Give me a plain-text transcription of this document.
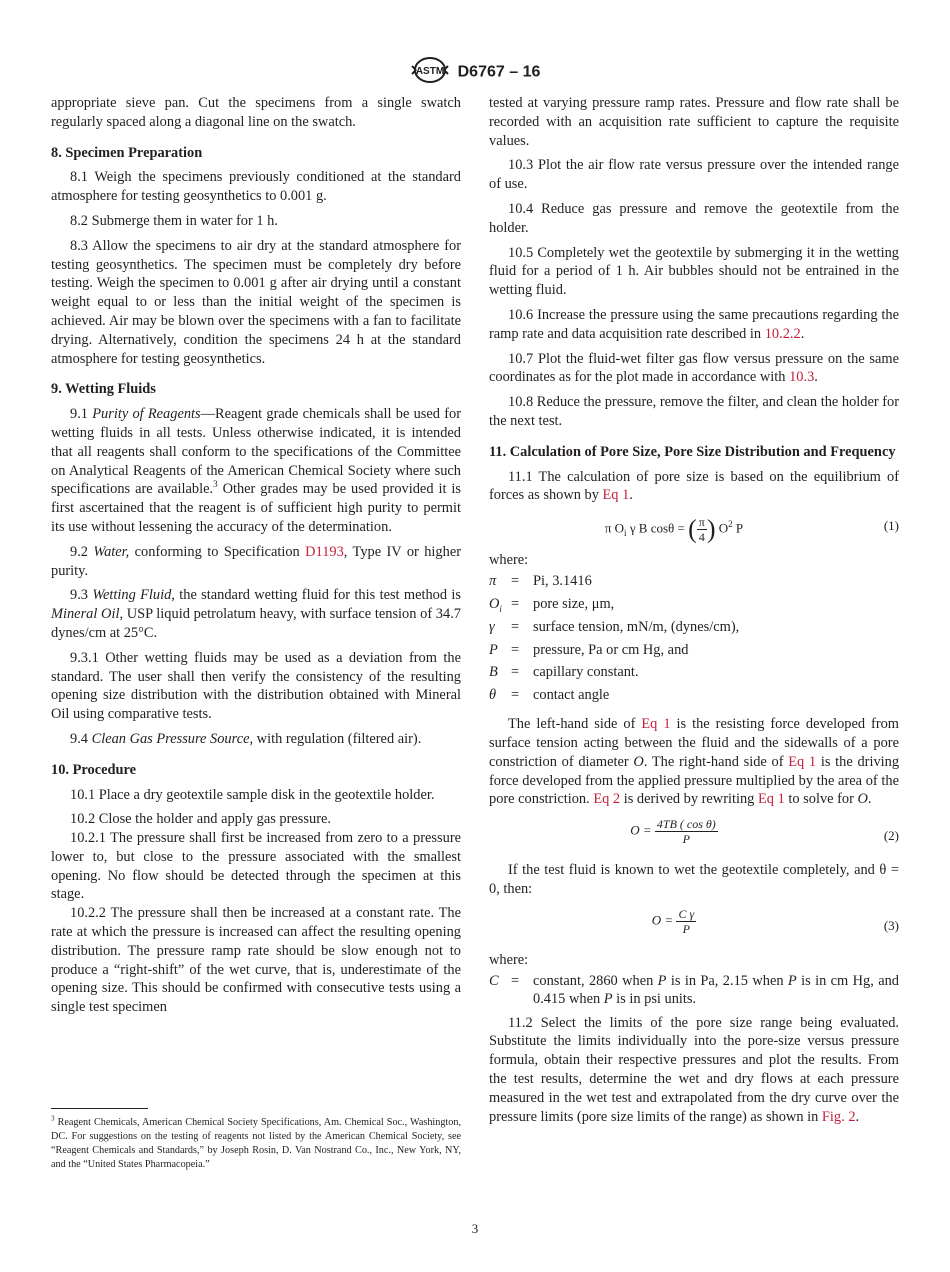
ASTM D6767 – 16

appropriate sieve pan. Cut the specimens from a single swatch regularly spaced along a diagonal line on the swatch.

8. Specimen Preparation

8.1 Weigh the specimens previously conditioned at the standard atmosphere for testing geosynthetics to 0.001 g.

8.2 Submerge them in water for 1 h.

8.3 Allow the specimens to air dry at the standard atmosphere for testing geosynthetics. The specimen must be completely dry before testing. Weigh the specimen to 0.001 g after air drying until a constant weight equal to or less than the initial weight of the specimen is achieved. Air may be blown over the specimens with a fan to facilitate drying. Alternatively, condition the specimens 24 h at the standard atmosphere for testing geosynthetics.

9. Wetting Fluids

9.1 Purity of Reagents—Reagent grade chemicals shall be used for wetting fluids in all tests. Unless otherwise indicated, it is intended that all reagents shall conform to the specifications of the Committee on Analytical Reagents of the American Chemical Society where such specifications are available.$^3$ Other grades may be used provided it is first ascertained that the reagent is of sufficient high purity to permit its use without lessening the accuracy of the determination.

9.2 Water, conforming to Specification D1193, Type IV or higher purity.

9.3 Wetting Fluid, the standard wetting fluid for this test method is Mineral Oil, USP liquid petrolatum heavy, with surface tension of 34.7 dynes/cm at 25°C.

9.3.1 Other wetting fluids may be used as a deviation from the standard. The user shall then verify the consistency of the resulting opening size distribution with the distribution obtained with Mineral Oil using comparative tests.

9.4 Clean Gas Pressure Source, with regulation (filtered air).

10. Procedure

10.1 Place a dry geotextile sample disk in the geotextile holder.

10.2 Close the holder and apply gas pressure.

10.2.1 The pressure shall first be increased from zero to a pressure lower to, but close to the pressure associated with the smallest opening. No flow should be detected through the specimen at this stage.

10.2.2 The pressure shall then be increased at a constant rate. The rate at which the pressure is increased can affect the resulting opening distribution. The pressure ramp rate should be slow enough not to produce a “right-shift” of the wet curve, that is, underestimate of the opening size. This should be confirmed with consecutive tests using a single test specimen

tested at varying pressure ramp rates. Pressure and flow rate shall be recorded with an acquisition rate sufficient to capture the requisite values.

10.3 Plot the air flow rate versus pressure over the intended range of use.

10.4 Reduce gas pressure and remove the geotextile from the holder.

10.5 Completely wet the geotextile by submerging it in the wetting fluid for a period of 1 h. Air bubbles should not be entrained in the wetting fluid.

10.6 Increase the pressure using the same precautions regarding the ramp rate and data acquisition rate described in 10.2.2.

10.7 Plot the fluid-wet filter gas flow versus pressure on the same coordinates as for the plot made in accordance with 10.3.

10.8 Reduce the pressure, remove the filter, and clean the holder for the next test.

11. Calculation of Pore Size, Pore Size Distribution and Frequency

11.1 The calculation of pore size is based on the equilibrium of forces as shown by Eq 1.

π $O_i$ γ B cosθ = ( $\frac{\pi}{4}$ ) $O^2$ P	(1)

where:

π	= Pi, 3.1416
$O_i$ = pore size, μm,
γ	= surface tension, mN/m, (dynes/cm),
P = pressure, Pa or cm Hg, and
B = capillary constant.
θ	= contact angle

The left-hand side of Eq 1 is the resisting force developed from surface tension acting between the fluid and the sidewalls of a pore constriction of diameter O. The right-hand side of Eq 1 is the driving force developed from the applied pressure multiplied by the area of the pore constriction. Eq 2 is derived by rewriting Eq 1 to solve for O.

$O = \frac{\text{4TB ( cos θ)}}{P}$	(2)

If the test fluid is known to wet the geotextile completely, and θ = 0, then:

$O = \frac{\text{C γ}}{P}$	(3)

where:

C = constant, 2860 when P is in Pa, 2.15 when P is in cm Hg, and 0.415 when P is in psi units.

11.2 Select the limits of the pore size range being evaluated. Substitute the limits individually into the pore-size versus pressure formula, obtain their respective pressures and plot the results. From the test results, determine the wet and dry flows at each pressure measured in the wet test and extrapolated from the dry curve over the pressure limits (pore size limits of the range) as shown in Fig. 2.

$^3$ Reagent Chemicals, American Chemical Society Specifications, Am. Chemical Soc., Washington, DC. For suggestions on the testing of reagents not listed by the American Chemical Society, see “Reagent Chemicals and Standards,” by Joseph Rosin, D. Van Nostrand Co., Inc., New York, NY, and the “United States Pharmacopeia.”
3
